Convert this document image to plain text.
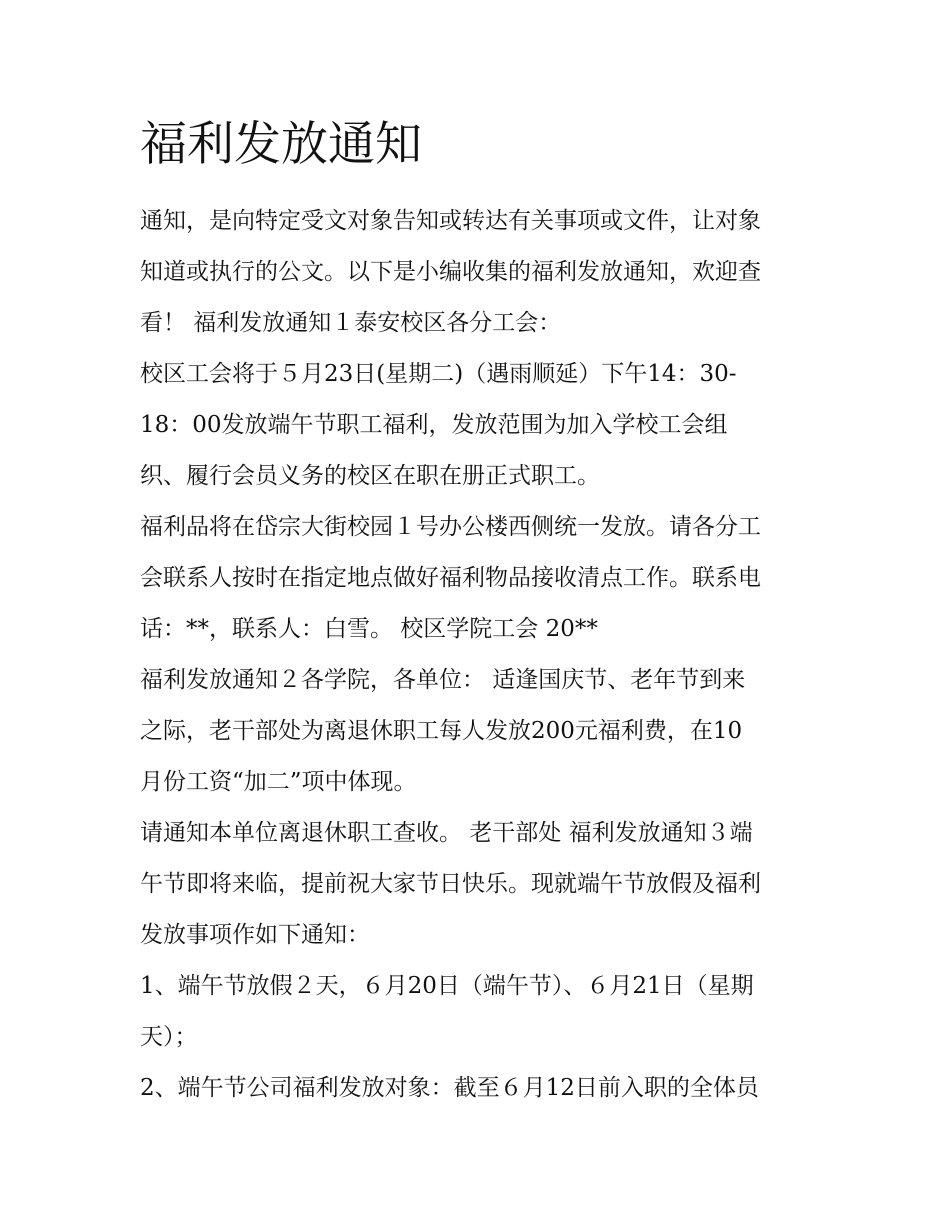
福利发放通知

通知，是向特定受文对象告知或转达有关事项或文件，让对象

知道或执行的公文。以下是小编收集的福利发放通知，欢迎查

看！ 福利发放通知１泰安校区各分工会：

校区工会将于５月23日(星期二)（遇雨顺延）下午14：30-

18：00发放端午节职工福利，发放范围为加入学校工会组

织、履行会员义务的校区在职在册正式职工。

福利品将在岱宗大街校园１号办公楼西侧统一发放。请各分工

会联系人按时在指定地点做好福利物品接收清点工作。联系电

话：**，联系人：白雪。 校区学院工会 20**

福利发放通知２各学院，各单位： 适逢国庆节、老年节到来

之际，老干部处为离退休职工每人发放200元福利费，在10

月份工资“加二”项中体现。

请通知本单位离退休职工查收。 老干部处 福利发放通知３端

午节即将来临，提前祝大家节日快乐。现就端午节放假及福利

发放事项作如下通知：

1、端午节放假２天，６月20日（端午节）、６月21日（星期

天）；

2、端午节公司福利发放对象：截至６月12日前入职的全体员
